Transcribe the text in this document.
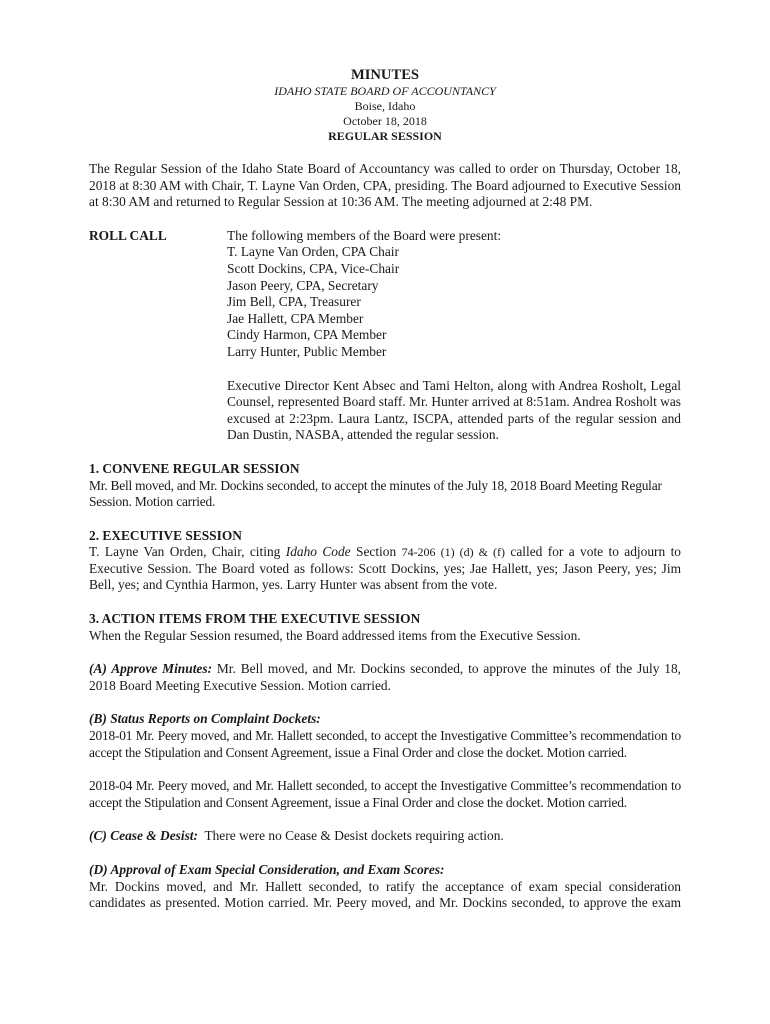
MINUTES
IDAHO STATE BOARD OF ACCOUNTANCY
Boise, Idaho
October 18, 2018
REGULAR SESSION

The Regular Session of the Idaho State Board of Accountancy was called to order on Thursday, October 18, 2018 at 8:30 AM with Chair, T. Layne Van Orden, CPA, presiding. The Board adjourned to Executive Session at 8:30 AM and returned to Regular Session at 10:36 AM. The meeting adjourned at 2:48 PM.

ROLL CALL	The following members of the Board were present:
T. Layne Van Orden, CPA Chair
Scott Dockins, CPA, Vice-Chair
Jason Peery, CPA, Secretary
Jim Bell, CPA, Treasurer
Jae Hallett, CPA Member
Cindy Harmon, CPA Member
Larry Hunter, Public Member

Executive Director Kent Absec and Tami Helton, along with Andrea Rosholt, Legal Counsel, represented Board staff. Mr. Hunter arrived at 8:51am. Andrea Rosholt was excused at 2:23pm. Laura Lantz, ISCPA, attended parts of the regular session and Dan Dustin, NASBA, attended the regular session.

1. CONVENE REGULAR SESSION

Mr. Bell moved, and Mr. Dockins seconded, to accept the minutes of the July 18, 2018 Board Meeting Regular Session. Motion carried.

2. EXECUTIVE SESSION

T. Layne Van Orden, Chair, citing Idaho Code Section 74-206 (1) (d) & (f) called for a vote to adjourn to Executive Session. The Board voted as follows: Scott Dockins, yes; Jae Hallett, yes; Jason Peery, yes; Jim Bell, yes; and Cynthia Harmon, yes. Larry Hunter was absent from the vote.

3. ACTION ITEMS FROM THE EXECUTIVE SESSION

When the Regular Session resumed, the Board addressed items from the Executive Session.

(A) Approve Minutes: Mr. Bell moved, and Mr. Dockins seconded, to approve the minutes of the July 18, 2018 Board Meeting Executive Session. Motion carried.

(B) Status Reports on Complaint Dockets:

2018-01 Mr. Peery moved, and Mr. Hallett seconded, to accept the Investigative Committee’s recommendation to accept the Stipulation and Consent Agreement, issue a Final Order and close the docket. Motion carried.

2018-04 Mr. Peery moved, and Mr. Hallett seconded, to accept the Investigative Committee’s recommendation to accept the Stipulation and Consent Agreement, issue a Final Order and close the docket. Motion carried.

(C) Cease & Desist:  There were no Cease & Desist dockets requiring action.

(D) Approval of Exam Special Consideration, and Exam Scores:

Mr. Dockins moved, and Mr. Hallett seconded, to ratify the acceptance of exam special consideration candidates as presented. Motion carried. Mr. Peery moved, and Mr. Dockins seconded, to approve the exam
